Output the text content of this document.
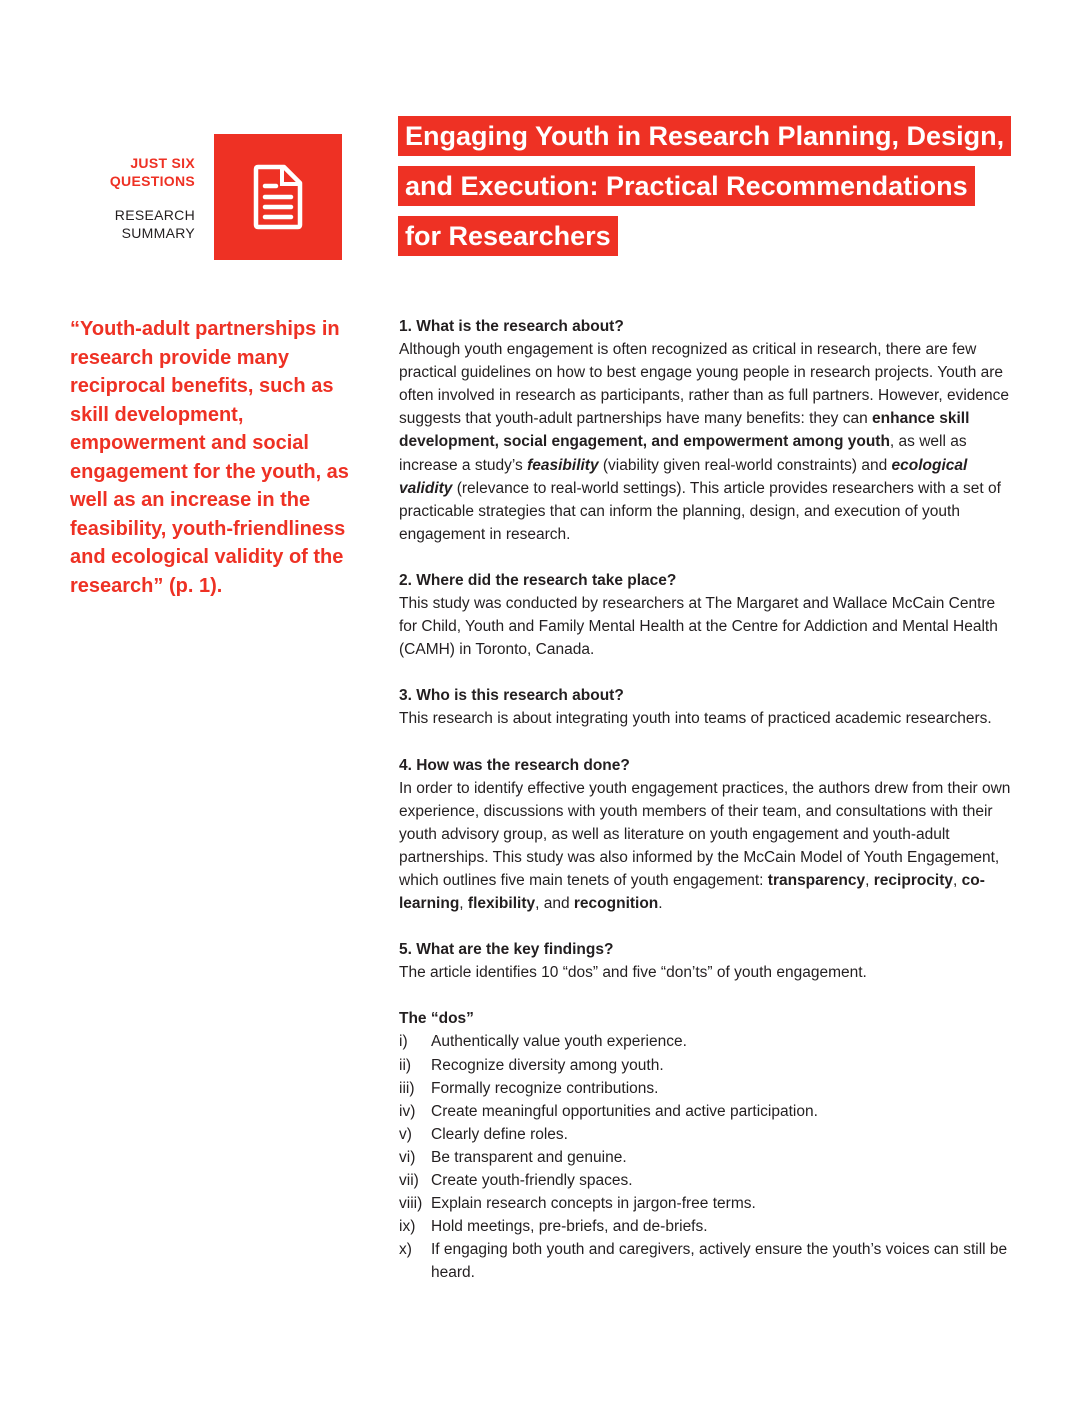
JUST SIX
QUESTIONS
RESEARCH
SUMMARY
Engaging Youth in Research Planning, Design,
and Execution: Practical Recommendations
for Researchers
“Youth-adult partnerships in research provide many reciprocal benefits, such as skill development, empowerment and social engagement for the youth, as well as an increase in the feasibility, youth-friendliness and ecological validity of the research” (p. 1).
1. What is the research about?

Although youth engagement is often recognized as critical in research, there are few practical guidelines on how to best engage young people in research projects. Youth are often involved in research as participants, rather than as full partners. However, evidence suggests that youth-adult partnerships have many benefits: they can enhance skill development, social engagement, and empowerment among youth, as well as increase a study’s feasibility (viability given real-world constraints) and ecological validity (relevance to real-world settings). This article provides researchers with a set of practicable strategies that can inform the planning, design, and execution of youth engagement in research.

2. Where did the research take place?

This study was conducted by researchers at The Margaret and Wallace McCain Centre for Child, Youth and Family Mental Health at the Centre for Addiction and Mental Health (CAMH) in Toronto, Canada.

3. Who is this research about?

This research is about integrating youth into teams of practiced academic researchers.

4. How was the research done?

In order to identify effective youth engagement practices, the authors drew from their own experience, discussions with youth members of their team, and consultations with their youth advisory group, as well as literature on youth engagement and youth-adult partnerships. This study was also informed by the McCain Model of Youth Engagement, which outlines five main tenets of youth engagement: transparency, reciprocity, co-learning, flexibility, and recognition.

5. What are the key findings?

The article identifies 10 “dos” and five “don’ts” of youth engagement.

The “dos”

i)	Authentically value youth experience.
ii)	Recognize diversity among youth.
iii)	Formally recognize contributions.
iv)	Create meaningful opportunities and active participation.
v)	Clearly define roles.
vi)	Be transparent and genuine.
vii) Create youth-friendly spaces.
viii) Explain research concepts in jargon-free terms.
ix)	Hold meetings, pre-briefs, and de-briefs.
x)	If engaging both youth and caregivers, actively ensure the youth’s voices can still be heard.
